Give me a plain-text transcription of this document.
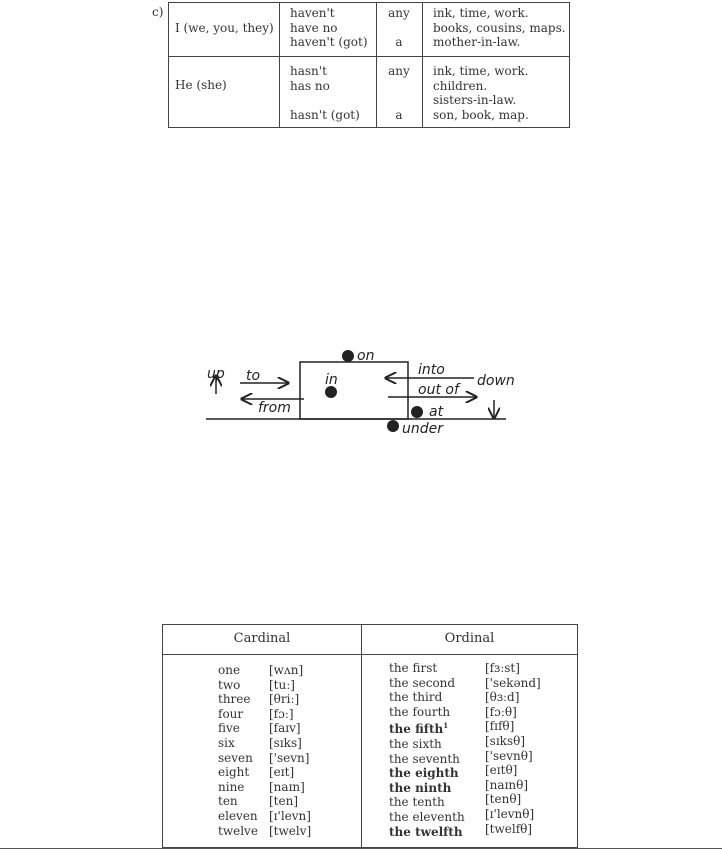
c)
I (we, you, they)
haven't
have no
haven't (got)
any

a
ink, time, work.
books, cousins, maps.
mother-in-law.
He (she)
hasn't
has no

hasn't (got)
any

a
ink, time, work.
children.
sisters-in-law.
son, book, map.
up to
from
in
on
into
out of
down
at
under
Cardinal	Ordinal
one
two
three
four
five
six
seven
eight
nine
ten
eleven
twelve
[wʌn]
[tuː]
[θriː]
[fɔː]
[faɪv]
[sɪks]
['sevn]
[eɪt]
[naɪn]
[ten]
[ɪ'levn]
[twelv]
the first
the second
the third
the fourth
the fifth$^1$
the sixth
the seventh
the eighth
the ninth
the tenth
the eleventh
the twelfth
[fɜːst]
['sekənd]
[θɜːd]
[fɔːθ]
[fɪfθ]
[sɪksθ]
['sevnθ]
[eɪtθ]
[naɪnθ]
[tenθ]
[ɪ'levnθ]
[twelfθ]
